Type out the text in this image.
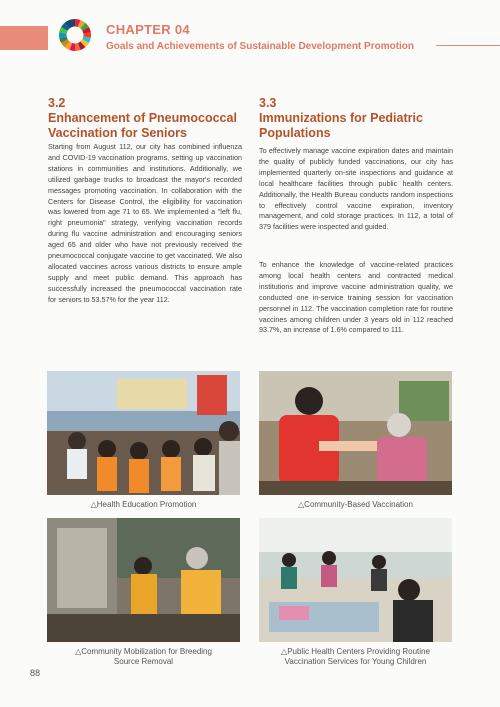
CHAPTER 04
Goals and Achievements of Sustainable Development Promotion
3.2
Enhancement of Pneumococcal
Vaccination for Seniors

Starting from August 112, our city has combined influenza and COVID-19 vaccination programs, setting up vaccination stations in communities and institutions. Additionally, we utilized garbage trucks to broadcast the mayor's recorded messages promoting vaccination. In collaboration with the Centers for Disease Control, the eligibility for vaccination was lowered from age 71 to 65. We implemented a "left flu, right pneumonia" strategy, verifying vaccination records during flu vaccine administration and encouraging seniors aged 65 and older who have not previously received the pneumococcal conjugate vaccine to get vaccinated. We also allocated vaccines across various districts to ensure ample supply and meet public demand. This approach has successfully increased the pneumococcal vaccination rate for seniors to 53.57% for the year 112.

3.3
Immunizations for Pediatric
Populations

To effectively manage vaccine expiration dates and maintain the quality of publicly funded vaccinations, our city has implemented quarterly on-site inspections and guidance at local healthcare facilities through public health centers. Additionally, the Health Bureau conducts random inspections to effectively control vaccine expiration, inventory management, and cold storage practices. In 112, a total of 379 facilities were inspected and guided.

To enhance the knowledge of vaccine-related practices among local health centers and contracted medical institutions and improve vaccine administration quality, we conducted one in-service training session for vaccination personnel in 112. The vaccination completion rate for routine vaccines among children under 3 years old in 112 reached 93.7%, an increase of 1.6% compared to 111.

△Health Education Promotion	△Community-Based Vaccination
△Community Mobilization for Breeding
Source Removal
△Public Health Centers Providing Routine
Vaccination Services for Young Children
88
